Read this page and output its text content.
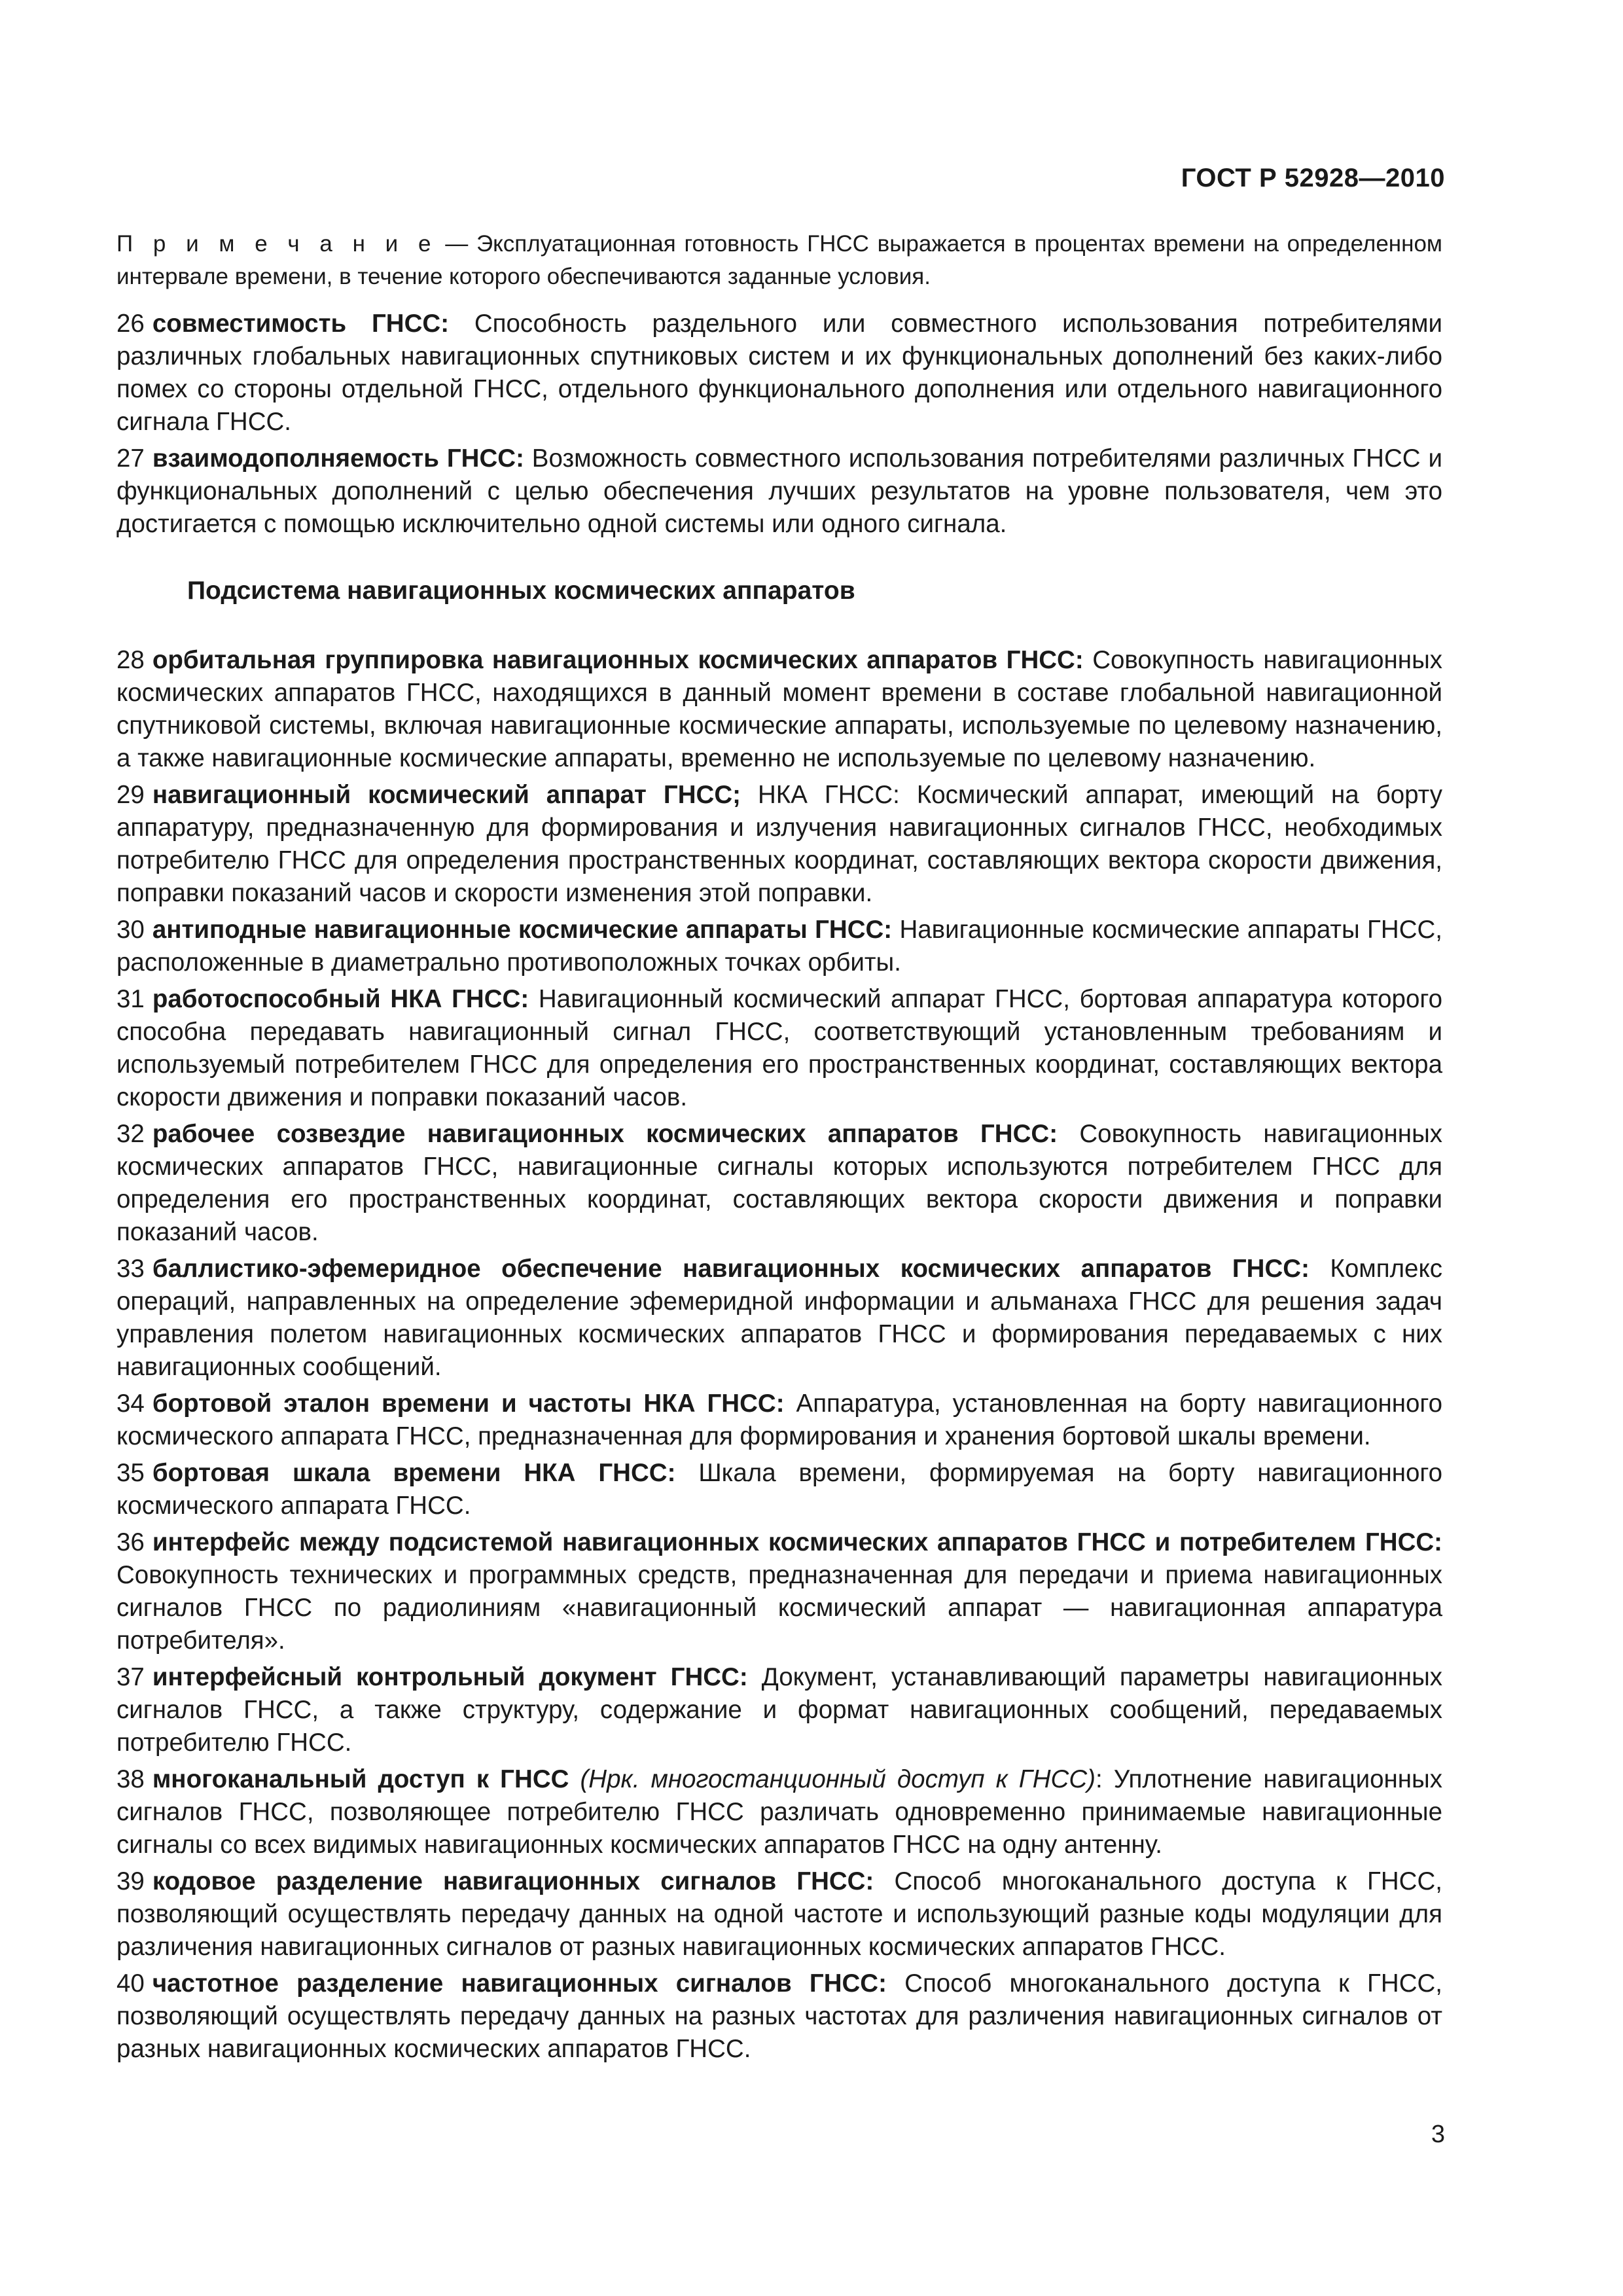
ГОСТ Р 52928—2010

П р и м е ч а н и е — Эксплуатационная готовность ГНСС выражается в процентах времени на определенном интервале времени, в течение которого обеспечиваются заданные условия.

26 совместимость ГНСС: Способность раздельного или совместного использования потребителями различных глобальных навигационных спутниковых систем и их функциональных дополнений без каких-либо помех со стороны отдельной ГНСС, отдельного функционального дополнения или отдельного навигационного сигнала ГНСС.

27 взаимодополняемость ГНСС: Возможность совместного использования потребителями различных ГНСС и функциональных дополнений с целью обеспечения лучших результатов на уровне пользователя, чем это достигается с помощью исключительно одной системы или одного сигнала.

Подсистема навигационных космических аппаратов

28 орбитальная группировка навигационных космических аппаратов ГНСС: Совокупность навигационных космических аппаратов ГНСС, находящихся в данный момент времени в составе глобальной навигационной спутниковой системы, включая навигационные космические аппараты, используемые по целевому назначению, а также навигационные космические аппараты, временно не используемые по целевому назначению.

29 навигационный космический аппарат ГНСС; НКА ГНСС: Космический аппарат, имеющий на борту аппаратуру, предназначенную для формирования и излучения навигационных сигналов ГНСС, необходимых потребителю ГНСС для определения пространственных координат, составляющих вектора скорости движения, поправки показаний часов и скорости изменения этой поправки.

30 антиподные навигационные космические аппараты ГНСС: Навигационные космические аппараты ГНСС, расположенные в диаметрально противоположных точках орбиты.

31 работоспособный НКА ГНСС: Навигационный космический аппарат ГНСС, бортовая аппаратура которого способна передавать навигационный сигнал ГНСС, соответствующий установленным требованиям и используемый потребителем ГНСС для определения его пространственных координат, составляющих вектора скорости движения и поправки показаний часов.

32 рабочее созвездие навигационных космических аппаратов ГНСС: Совокупность навигационных космических аппаратов ГНСС, навигационные сигналы которых используются потребителем ГНСС для определения его пространственных координат, составляющих вектора скорости движения и поправки показаний часов.

33 баллистико-эфемеридное обеспечение навигационных космических аппаратов ГНСС: Комплекс операций, направленных на определение эфемеридной информации и альманаха ГНСС для решения задач управления полетом навигационных космических аппаратов ГНСС и формирования передаваемых с них навигационных сообщений.

34 бортовой эталон времени и частоты НКА ГНСС: Аппаратура, установленная на борту навигационного космического аппарата ГНСС, предназначенная для формирования и хранения бортовой шкалы времени.

35 бортовая шкала времени НКА ГНСС: Шкала времени, формируемая на борту навигационного космического аппарата ГНСС.

36 интерфейс между подсистемой навигационных космических аппаратов ГНСС и потребителем ГНСС: Совокупность технических и программных средств, предназначенная для передачи и приема навигационных сигналов ГНСС по радиолиниям «навигационный космический аппарат — навигационная аппаратура потребителя».

37 интерфейсный контрольный документ ГНСС: Документ, устанавливающий параметры навигационных сигналов ГНСС, а также структуру, содержание и формат навигационных сообщений, передаваемых потребителю ГНСС.

38 многоканальный доступ к ГНСС (Нрк. многостанционный доступ к ГНСС): Уплотнение навигационных сигналов ГНСС, позволяющее потребителю ГНСС различать одновременно принимаемые навигационные сигналы со всех видимых навигационных космических аппаратов ГНСС на одну антенну.

39 кодовое разделение навигационных сигналов ГНСС: Способ многоканального доступа к ГНСС, позволяющий осуществлять передачу данных на одной частоте и использующий разные коды модуляции для различения навигационных сигналов от разных навигационных космических аппаратов ГНСС.

40 частотное разделение навигационных сигналов ГНСС: Способ многоканального доступа к ГНСС, позволяющий осуществлять передачу данных на разных частотах для различения навигационных сигналов от разных навигационных космических аппаратов ГНСС.

3
